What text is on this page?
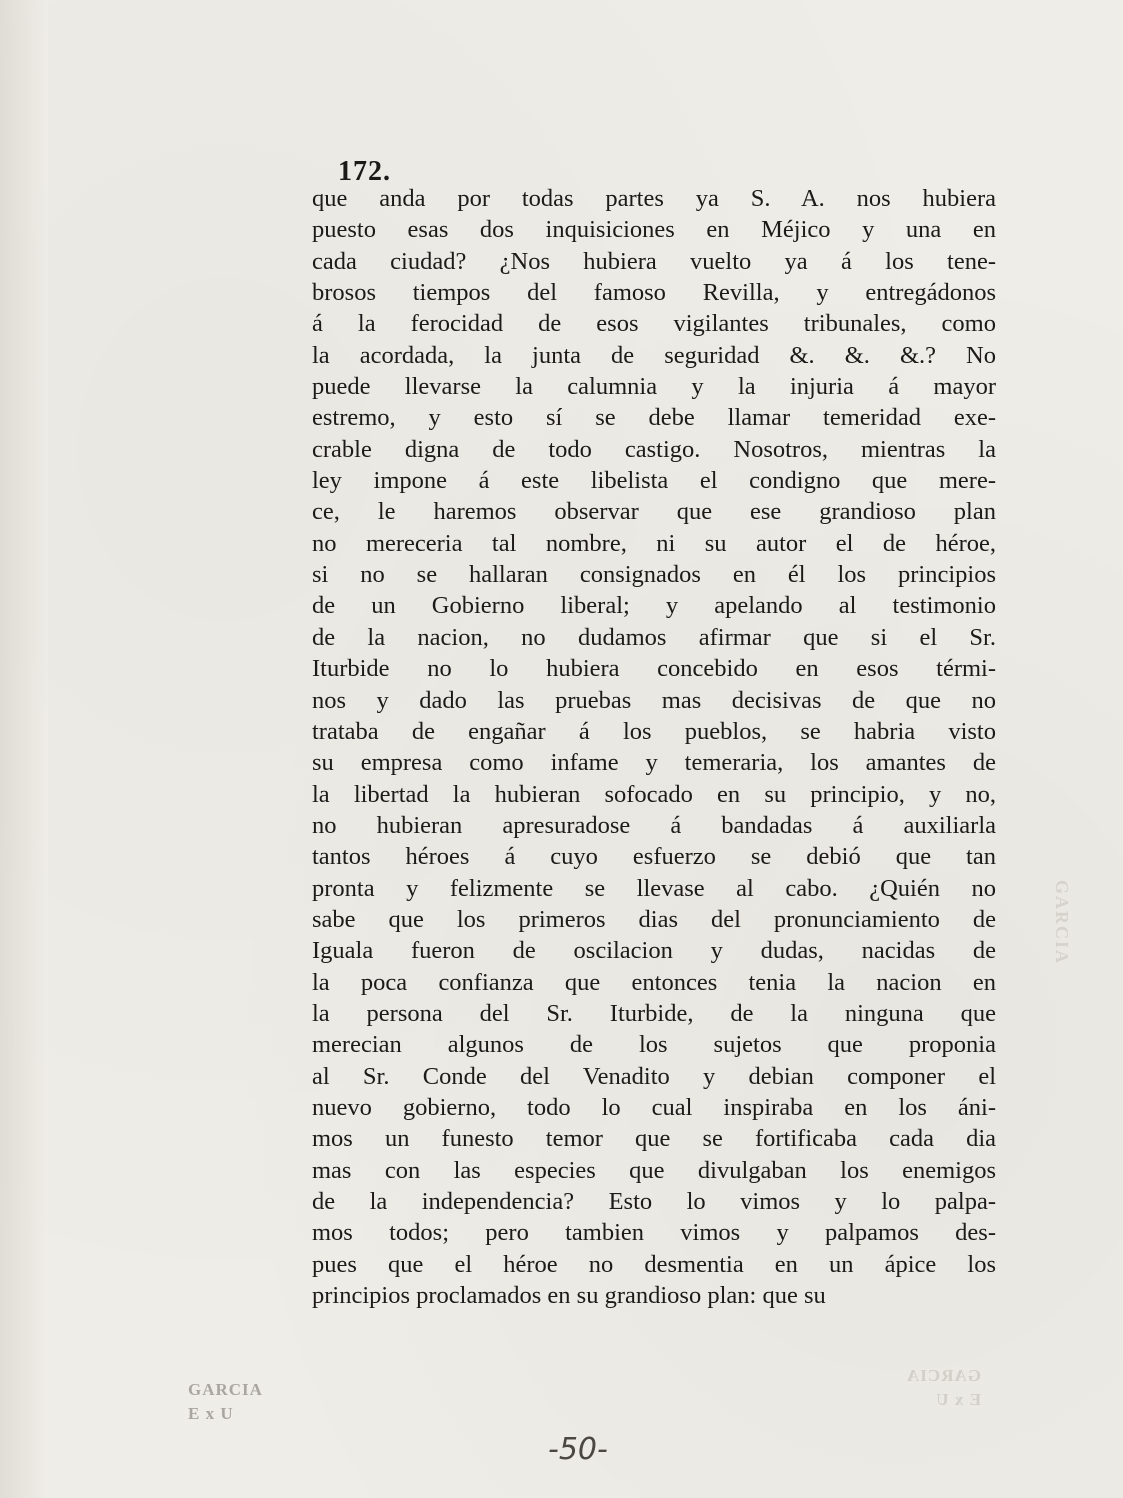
172.
que anda por todas partes ya S. A. nos hubiera
puesto esas dos inquisiciones en Méjico y una en
cada ciudad? ¿Nos hubiera vuelto ya á los tene-
brosos tiempos del famoso Revilla, y entregádonos
á la ferocidad de esos vigilantes tribunales, como
la acordada, la junta de seguridad &. &. &.? No
puede llevarse la calumnia y la injuria á mayor
estremo, y esto sí se debe llamar temeridad exe-
crable digna de todo castigo. Nosotros, mientras la
ley impone á este libelista el condigno que mere-
ce, le haremos observar que ese grandioso plan
no mereceria tal nombre, ni su autor el de héroe,
si no se hallaran consignados en él los principios
de un Gobierno liberal; y apelando al testimonio
de la nacion, no dudamos afirmar que si el Sr.
Iturbide no lo hubiera concebido en esos térmi-
nos y dado las pruebas mas decisivas de que no
trataba de engañar á los pueblos, se habria visto
su empresa como infame y temeraria, los amantes de
la libertad la hubieran sofocado en su principio, y no,
no hubieran apresuradose á bandadas á auxiliarla
tantos héroes á cuyo esfuerzo se debió que tan
pronta y felizmente se llevase al cabo. ¿Quién no
sabe que los primeros dias del pronunciamiento de
Iguala fueron de oscilacion y dudas, nacidas de
la poca confianza que entonces tenia la nacion en
la persona del Sr. Iturbide, de la ninguna que
merecian algunos de los sujetos que proponia
al Sr. Conde del Venadito y debian componer el
nuevo gobierno, todo lo cual inspiraba en los áni-
mos un funesto temor que se fortificaba cada dia
mas con las especies que divulgaban los enemigos
de la independencia? Esto lo vimos y lo palpa-
mos todos; pero tambien vimos y palpamos des-
pues que el héroe no desmentia en un ápice los
principios proclamados en su grandioso plan: que su
GARCIA
E x U
GARCIA
E x U
GARCIA
-50-
